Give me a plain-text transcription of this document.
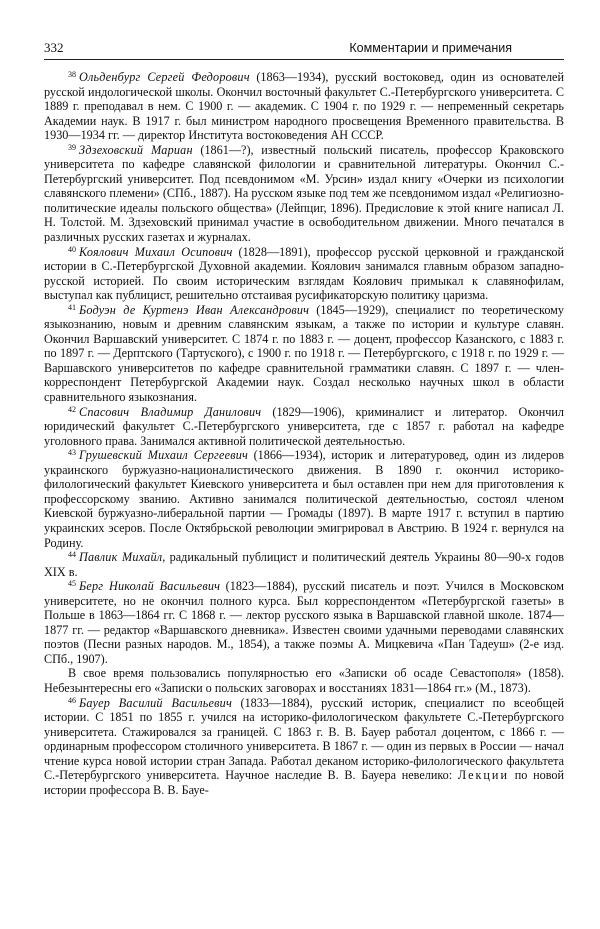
332	Комментарии и примечания

$^{38}$ Ольденбург Сергей Федорович (1863—1934), русский востоковед, один из основателей русской индологической школы. Окончил восточный факультет С.-Петербургского университета. С 1889 г. преподавал в нем. С 1900 г. — академик. С 1904 г. по 1929 г. — непременный секретарь Академии наук. В 1917 г. был министром народного просвещения Временного правительства. В 1930—1934 гг. — директор Института востоковедения АН СССР.

$^{39}$ Здзеховский Мариан (1861—?), известный польский писатель, профессор Краковского университета по кафедре славянской филологии и сравнительной литературы. Окончил С.-Петербургский университет. Под псевдонимом «М. Урсин» издал книгу «Очерки из психологии славянского племени» (СПб., 1887). На русском языке под тем же псевдонимом издал «Религиозно-политические идеалы польского общества» (Лейпциг, 1896). Предисловие к этой книге написал Л. Н. Толстой. М. Здзеховский принимал участие в освободительном движении. Много печатался в различных русских газетах и журналах.

$^{40}$ Коялович Михаил Осипович (1828—1891), профессор русской церковной и гражданской истории в С.-Петербургской Духовной академии. Коялович занимался главным образом западно-русской историей. По своим историческим взглядам Коялович примыкал к славянофилам, выступал как публицист, решительно отстаивая русификаторскую политику царизма.

$^{41}$ Бодуэн де Куртенэ Иван Александрович (1845—1929), специалист по теоретическому языкознанию, новым и древним славянским языкам, а также по истории и культуре славян. Окончил Варшавский университет. С 1874 г. по 1883 г. — доцент, профессор Казанского, с 1883 г. по 1897 г. — Дерптского (Тартуского), с 1900 г. по 1918 г. — Петербургского, с 1918 г. по 1929 г. — Варшавского университетов по кафедре сравнительной грамматики славян. С 1897 г. — член-корреспондент Петербургской Академии наук. Создал несколько научных школ в области сравнительного языкознания.

$^{42}$ Спасович Владимир Данилович (1829—1906), криминалист и литератор. Окончил юридический факультет С.-Петербургского университета, где с 1857 г. работал на кафедре уголовного права. Занимался активной политической деятельностью.

$^{43}$ Грушевский Михаил Сергеевич (1866—1934), историк и литературовед, один из лидеров украинского буржуазно-националистического движения. В 1890 г. окончил историко-филологический факультет Киевского университета и был оставлен при нем для приготовления к профессорскому званию. Активно занимался политической деятельностью, состоял членом Киевской буржуазно-либеральной партии — Громады (1897). В марте 1917 г. вступил в партию украинских эсеров. После Октябрьской революции эмигрировал в Австрию. В 1924 г. вернулся на Родину.

$^{44}$ Павлик Михайл, радикальный публицист и политический деятель Украины 80—90-х годов XIX в.

$^{45}$ Берг Николай Васильевич (1823—1884), русский писатель и поэт. Учился в Московском университете, но не окончил полного курса. Был корреспондентом «Петербургской газеты» в Польше в 1863—1864 гг. С 1868 г. — лектор русского языка в Варшавской главной школе. 1874—1877 гг. — редактор «Варшавского дневника». Известен своими удачными переводами славянских поэтов (Песни разных народов. М., 1854), а также поэмы А. Мицкевича «Пан Тадеуш» (2-е изд. СПб., 1907).

В свое время пользовались популярностью его «Записки об осаде Севастополя» (1858). Небезынтересны его «Записки о польских заговорах и восстаниях 1831—1864 гг.» (М., 1873).

$^{46}$ Бауер Василий Васильевич (1833—1884), русский историк, специалист по всеобщей истории. С 1851 по 1855 г. учился на историко-филологическом факультете С.-Петербургского университета. Стажировался за границей. С 1863 г. В. В. Бауер работал доцентом, с 1866 г. — ординарным профессором столичного университета. В 1867 г. — один из первых в России — начал чтение курса новой истории стран Запада. Работал деканом историко-филологического факультета С.-Петербургского университета. Научное наследие В. В. Бауера невелико: Лекции по новой истории профессора В. В. Бауе-
